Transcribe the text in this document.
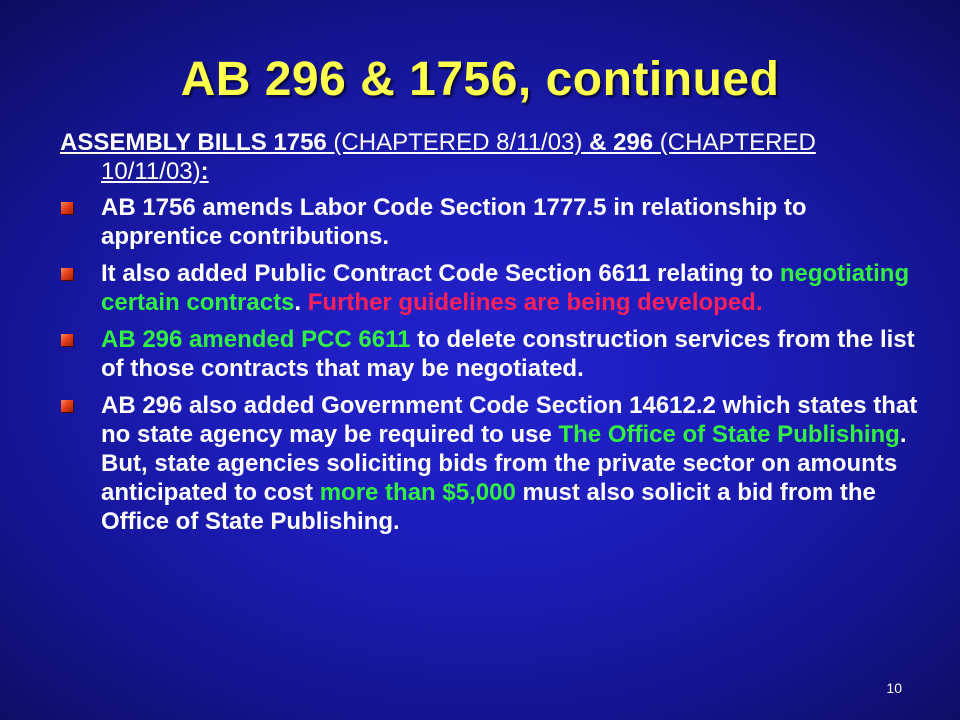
AB 296 & 1756, continued

ASSEMBLY BILLS 1756 (CHAPTERED 8/11/03) & 296 (CHAPTERED 10/11/03):

AB 1756 amends Labor Code Section 1777.5 in relationship to apprentice contributions.
It also added Public Contract Code Section 6611 relating to negotiating certain contracts. Further guidelines are being developed.
AB 296 amended PCC 6611 to delete construction services from the list of those contracts that may be negotiated.
AB 296 also added Government Code Section 14612.2 which states that no state agency may be required to use The Office of State Publishing. But, state agencies soliciting bids from the private sector on amounts anticipated to cost more than $5,000 must also solicit a bid from the Office of State Publishing.
10
